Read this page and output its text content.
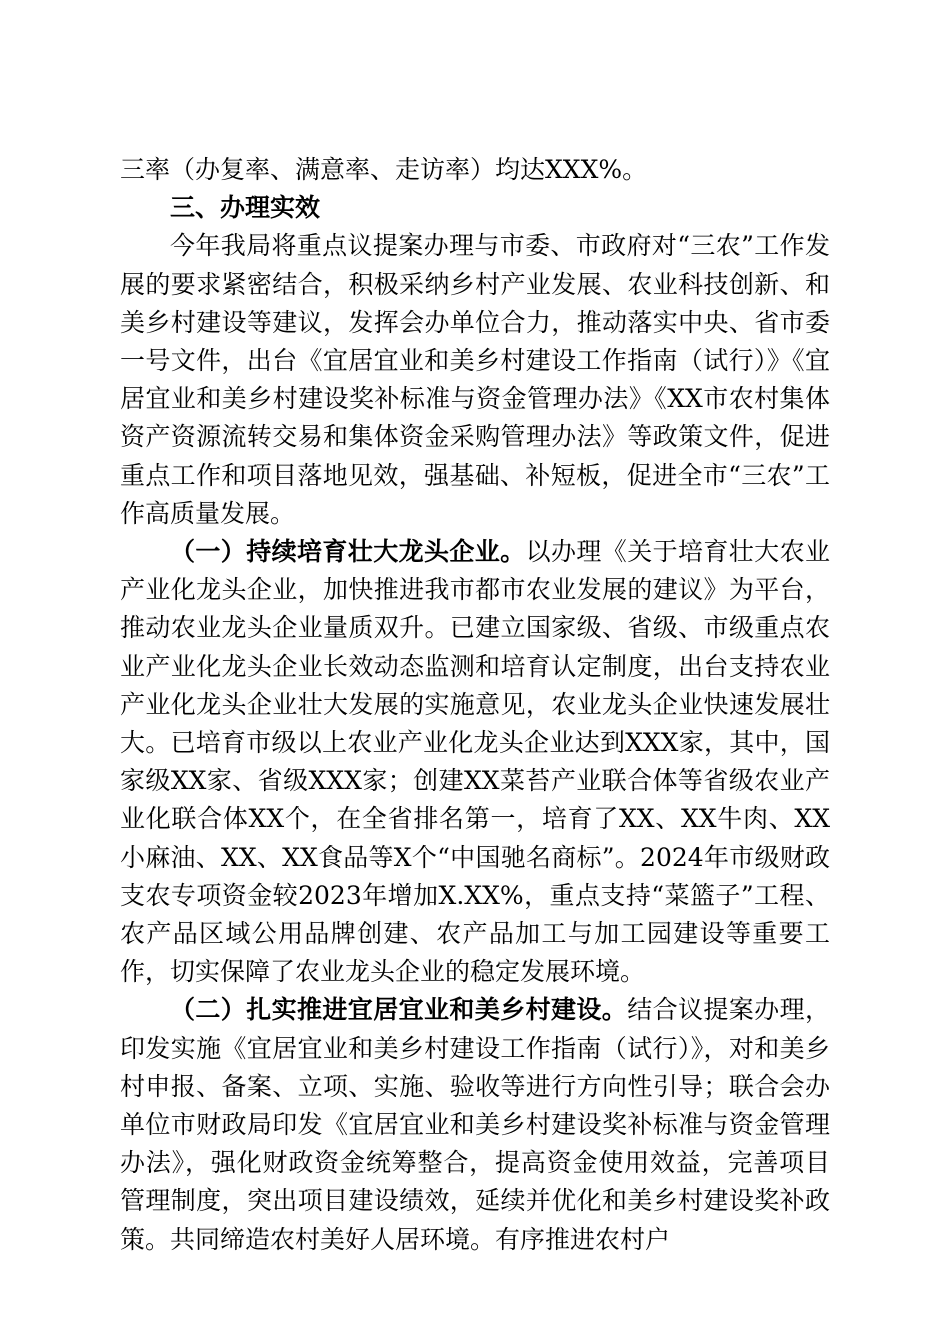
三率（办复率、满意率、走访率）均达XXX%。

三、办理实效

今年我局将重点议提案办理与市委、市政府对“三农”工作发展的要求紧密结合，积极采纳乡村产业发展、农业科技创新、和美乡村建设等建议，发挥会办单位合力，推动落实中央、省市委一号文件，出台《宜居宜业和美乡村建设工作指南（试行）》《宜居宜业和美乡村建设奖补标准与资金管理办法》《XX市农村集体资产资源流转交易和集体资金采购管理办法》等政策文件，促进重点工作和项目落地见效，强基础、补短板，促进全市“三农”工作高质量发展。

（一）持续培育壮大龙头企业。以办理《关于培育壮大农业产业化龙头企业，加快推进我市都市农业发展的建议》为平台，推动农业龙头企业量质双升。已建立国家级、省级、市级重点农业产业化龙头企业长效动态监测和培育认定制度，出台支持农业产业化龙头企业壮大发展的实施意见，农业龙头企业快速发展壮大。已培育市级以上农业产业化龙头企业达到XXX家，其中，国家级XX家、省级XXX家；创建XX菜苔产业联合体等省级农业产业化联合体XX个，在全省排名第一，培育了XX、XX牛肉、XX小麻油、XX、XX食品等X个“中国驰名商标”。2024年市级财政支农专项资金较2023年增加X.XX%，重点支持“菜篮子”工程、农产品区域公用品牌创建、农产品加工与加工园建设等重要工作，切实保障了农业龙头企业的稳定发展环境。

（二）扎实推进宜居宜业和美乡村建设。结合议提案办理，印发实施《宜居宜业和美乡村建设工作指南（试行）》，对和美乡村申报、备案、立项、实施、验收等进行方向性引导；联合会办单位市财政局印发《宜居宜业和美乡村建设奖补标准与资金管理办法》，强化财政资金统筹整合，提高资金使用效益，完善项目管理制度，突出项目建设绩效，延续并优化和美乡村建设奖补政策。共同缔造农村美好人居环境。有序推进农村户
